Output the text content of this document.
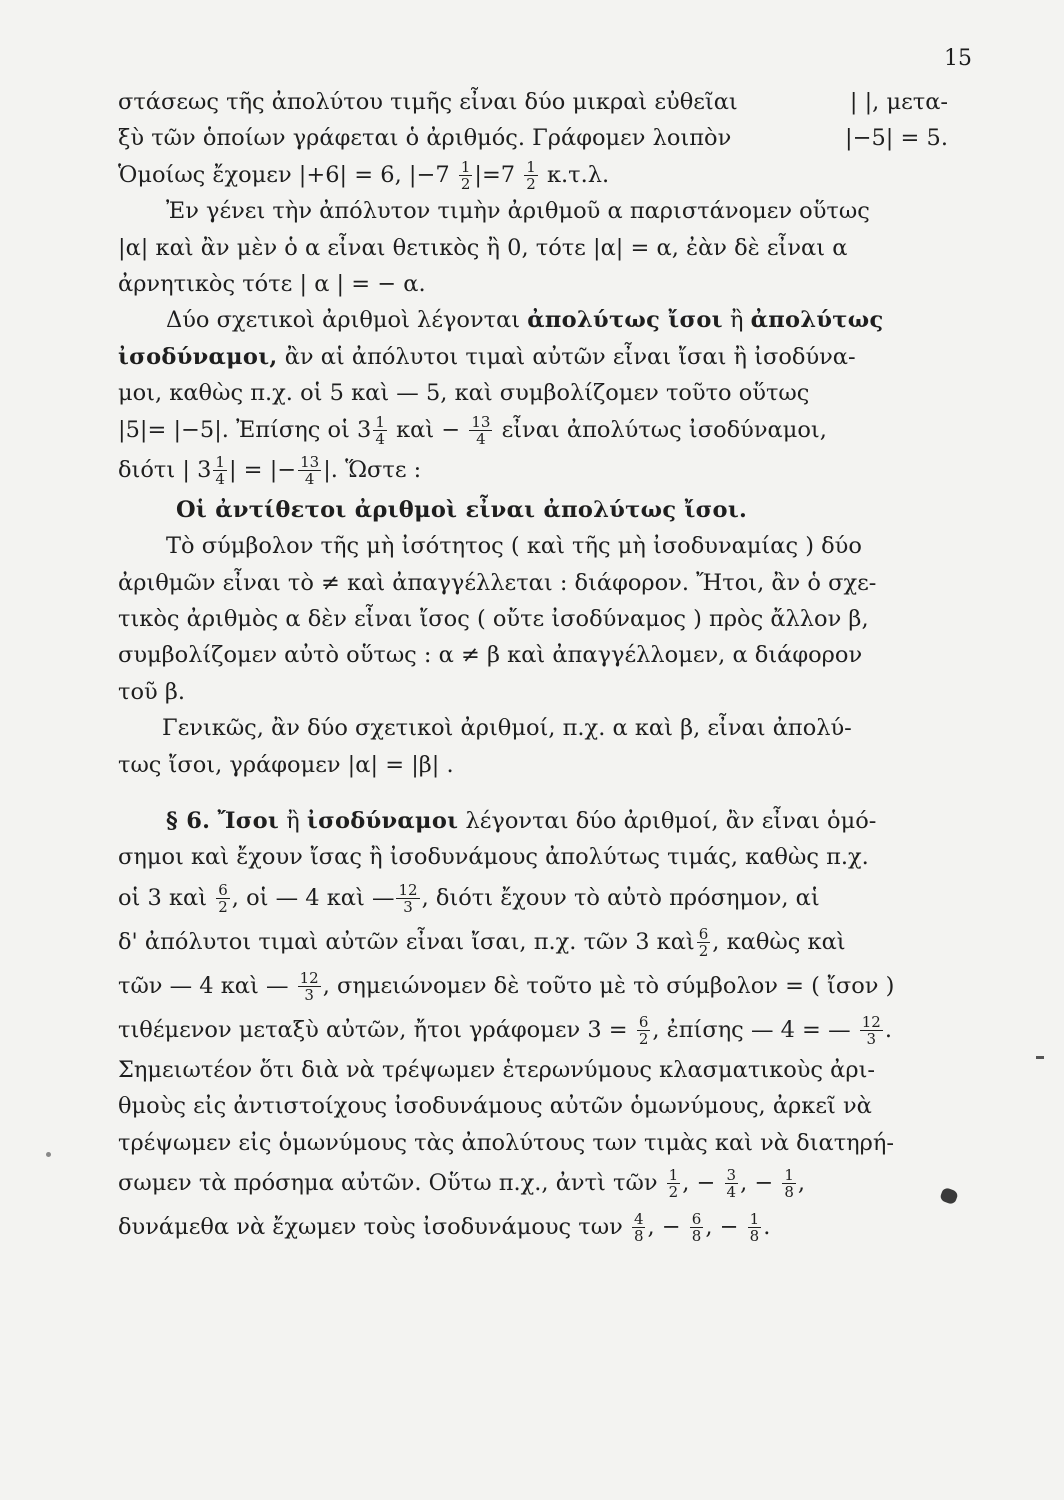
15
στάσεως τῆς ἀπολύτου τιμῆς εἶναι δύο μικραὶ εὐθεῖαι	| |, μετα-
ξὺ τῶν ὁποίων γράφεται ὁ ἀριθμός. Γράφομεν λοιπὸν	|−5| = 5.
Ὁμοίως ἔχομεν |+6| = 6, $|-7 \frac{1}{2} |=7 \frac{1}{2} \kappa.\tau.\lambda$.
Ἐν γένει τὴν ἀπόλυτον τιμὴν ἀριθμοῦ α παριστάνομεν οὕτως
|α| καὶ ἂν μὲν ὁ α εἶναι θετικὸς ἢ 0, τότε |α| = α, ἐὰν δὲ εἶναι α
ἀρνητικὸς τότε | α | = − α.
Δύο σχετικοὶ ἀριθμοὶ λέγονται ἀπολύτως ἴσοι ἢ ἀπολύτως
ἰσοδύναμοι, ἂν αἱ ἀπόλυτοι τιμαὶ αὐτῶν εἶναι ἴσαι ἢ ἰσοδύνα-
μοι, καθὼς π.χ. οἱ 5 καὶ — 5, καὶ συμβολίζομεν τοῦτο οὕτως
|5|= |−5|. Ἐπίσης οἱ $3 \frac{1}{4}$ καὶ − $\frac{13}{4}$ εἶναι ἀπολύτως ἰσοδύναμοι,
διότι | $3 \frac{1}{4}$ | = |− $\frac{13}{4}$ |. Ὥστε :
Οἱ ἀντίθετοι ἀριθμοὶ εἶναι ἀπολύτως ἴσοι.
Τὸ σύμβολον τῆς μὴ ἰσότητος ( καὶ τῆς μὴ ἰσοδυναμίας ) δύο
ἀριθμῶν εἶναι τὸ ≠ καὶ ἀπαγγέλλεται : διάφορον. Ἤτοι, ἂν ὁ σχε-
τικὸς ἀριθμὸς α δὲν εἶναι ἴσος ( οὔτε ἰσοδύναμος ) πρὸς ἄλλον β,
συμβολίζομεν αὐτὸ οὕτως : α ≠ β καὶ ἀπαγγέλλομεν, α διάφορον
τοῦ β.
Γενικῶς, ἂν δύο σχετικοὶ ἀριθμοί, π.χ. α καὶ β, εἶναι ἀπολύ-
τως ἴσοι, γράφομεν |α| = |β| .
§ 6. Ἴσοι ἢ ἰσοδύναμοι λέγονται δύο ἀριθμοί, ἂν εἶναι ὁμό-
σημοι καὶ ἔχουν ἴσας ἢ ἰσοδυνάμους ἀπολύτως τιμάς, καθὼς π.χ.
οἱ 3 καὶ $\frac{6}{2}$ , οἱ — 4 καὶ — $\frac{12}{3}$ , διότι ἔχουν τὸ αὐτὸ πρόσημον, αἱ
δ' ἀπόλυτοι τιμαὶ αὐτῶν εἶναι ἴσαι, π.χ. τῶν 3 καὶ $\frac{6}{2}$ , καθὼς καὶ
τῶν — 4 καὶ — $\frac{12}{3}$ , σημειώνομεν δὲ τοῦτο μὲ τὸ σύμβολον = ( ἴσον )
τιθέμενον μεταξὺ αὐτῶν, ἤτοι γράφομεν $3 = \frac{6}{2}$ , ἐπίσης — 4 = — $\frac{12}{3}$ .
Σημειωτέον ὅτι διὰ νὰ τρέψωμεν ἑτερωνύμους κλασματικοὺς ἀρι-
θμοὺς εἰς ἀντιστοίχους ἰσοδυνάμους αὐτῶν ὁμωνύμους, ἀρκεῖ νὰ
τρέψωμεν εἰς ὁμωνύμους τὰς ἀπολύτους των τιμὰς καὶ νὰ διατηρή-
σωμεν τὰ πρόσημα αὐτῶν. Οὕτω π.χ., ἀντὶ τῶν $\frac{1}{2}$ , − $\frac{3}{4}$ , − $\frac{1}{8}$ ,
δυνάμεθα νὰ ἔχωμεν τοὺς ἰσοδυνάμους των $\frac{4}{8}$ , − $\frac{6}{8}$ , − $\frac{1}{8}$ .
